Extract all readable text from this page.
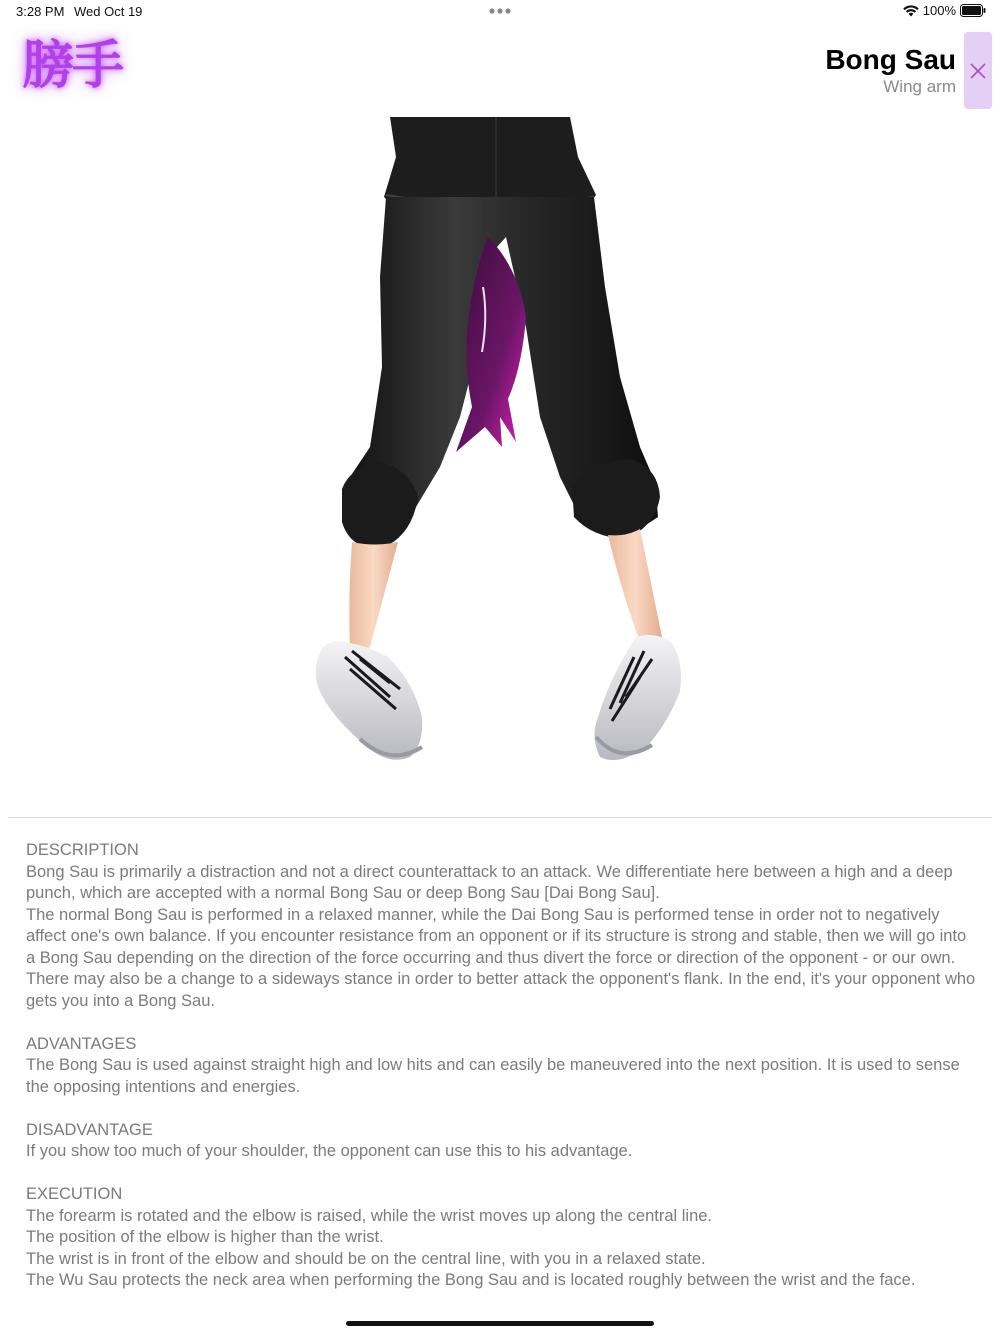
3:28 PM Wed Oct 19	100%
膀手	Bong Sau
Wing arm
DESCRIPTION

Bong Sau is primarily a distraction and not a direct counterattack to an attack. We differentiate here between a high and a deep punch, which are accepted with a normal Bong Sau or deep Bong Sau [Dai Bong Sau].

The normal Bong Sau is performed in a relaxed manner, while the Dai Bong Sau is performed tense in order not to negatively affect one's own balance. If you encounter resistance from an opponent or if its structure is strong and stable, then we will go into a Bong Sau depending on the direction of the force occurring and thus divert the force or direction of the opponent - or our own. There may also be a change to a sideways stance in order to better attack the opponent's flank. In the end, it's your opponent who gets you into a Bong Sau.

ADVANTAGES

The Bong Sau is used against straight high and low hits and can easily be maneuvered into the next position. It is used to sense the opposing intentions and energies.

DISADVANTAGE

If you show too much of your shoulder, the opponent can use this to his advantage.

EXECUTION

The forearm is rotated and the elbow is raised, while the wrist moves up along the central line.

The position of the elbow is higher than the wrist.

The wrist is in front of the elbow and should be on the central line, with you in a relaxed state.

The Wu Sau protects the neck area when performing the Bong Sau and is located roughly between the wrist and the face.
